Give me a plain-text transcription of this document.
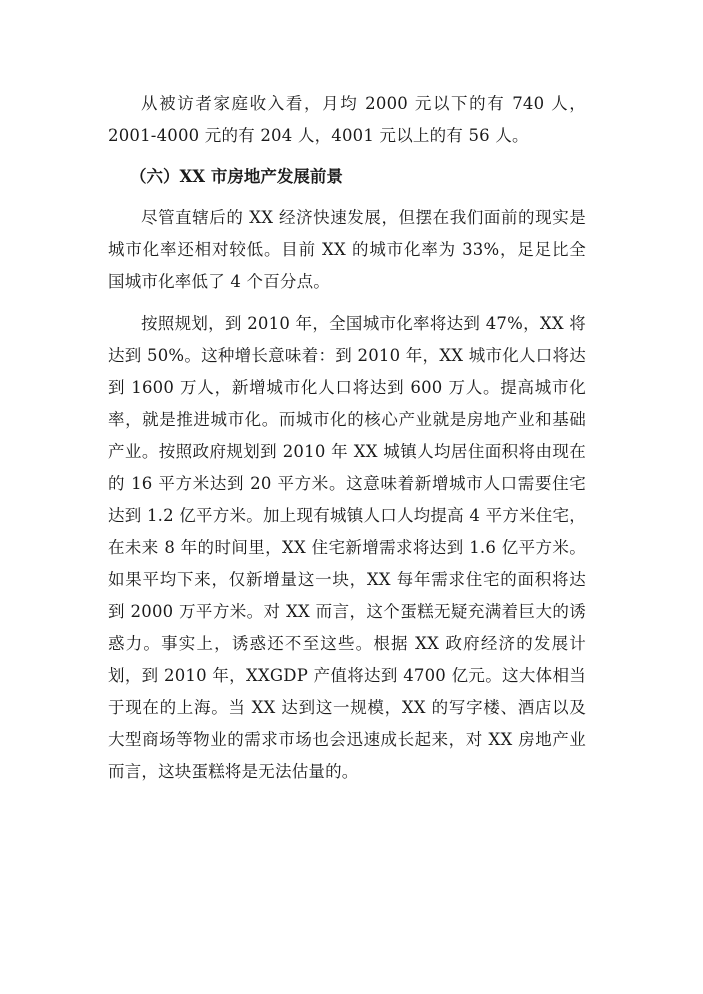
从被访者家庭收入看，月均 2000 元以下的有 740 人，2001-4000 元的有 204 人，4001 元以上的有 56 人。

（六）XX 市房地产发展前景

尽管直辖后的 XX 经济快速发展，但摆在我们面前的现实是城市化率还相对较低。目前 XX 的城市化率为 33%，足足比全国城市化率低了 4 个百分点。

按照规划，到 2010 年，全国城市化率将达到 47%，XX 将达到 50%。这种增长意味着：到 2010 年，XX 城市化人口将达到 1600 万人，新增城市化人口将达到 600 万人。提高城市化率，就是推进城市化。而城市化的核心产业就是房地产业和基础产业。按照政府规划到 2010 年 XX 城镇人均居住面积将由现在的 16 平方米达到 20 平方米。这意味着新增城市人口需要住宅达到 1.2 亿平方米。加上现有城镇人口人均提高 4 平方米住宅，在未来 8 年的时间里，XX 住宅新增需求将达到 1.6 亿平方米。如果平均下来，仅新增量这一块，XX 每年需求住宅的面积将达到 2000 万平方米。对 XX 而言，这个蛋糕无疑充满着巨大的诱惑力。事实上，诱惑还不至这些。根据 XX 政府经济的发展计划，到 2010 年，XXGDP 产值将达到 4700 亿元。这大体相当于现在的上海。当 XX 达到这一规模，XX 的写字楼、酒店以及大型商场等物业的需求市场也会迅速成长起来，对 XX 房地产业而言，这块蛋糕将是无法估量的。
